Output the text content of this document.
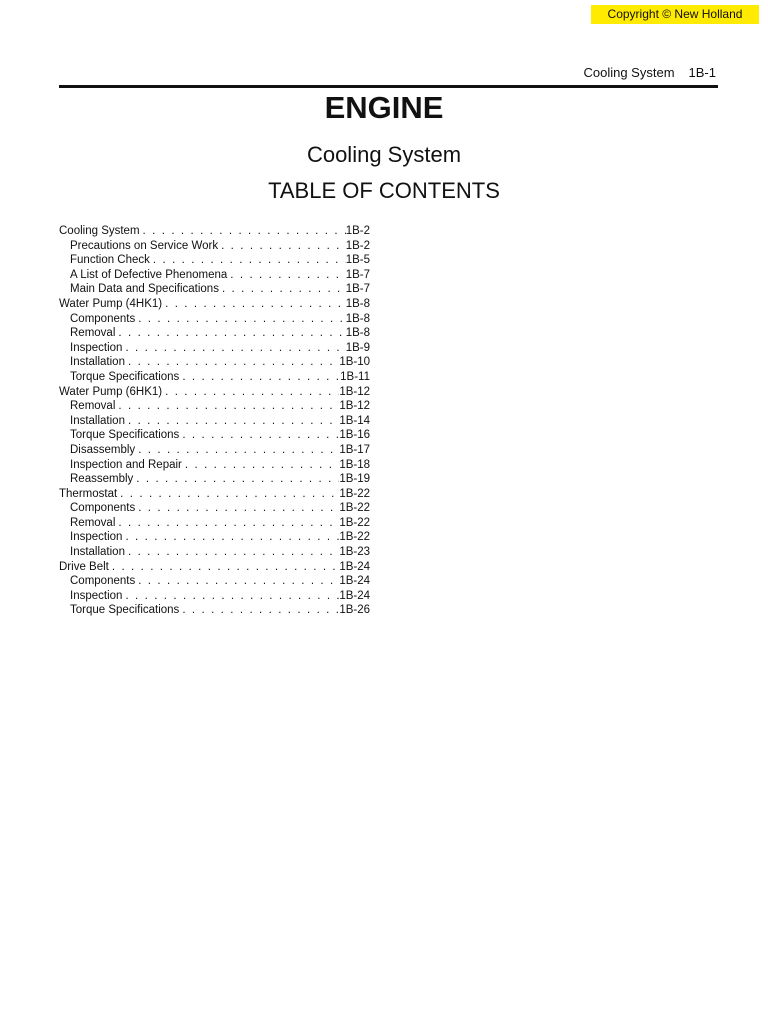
Copyright © New Holland
Cooling System 1B-1
ENGINE
Cooling System
TABLE OF CONTENTS
Cooling System . . .	1B-2
Precautions on Service Work . . .	1B-2
Function Check . . .	1B-5
A List of Defective Phenomena . . .	1B-7
Main Data and Specifications . . .	1B-7
Water Pump (4HK1) . . .	1B-8
Components . . .	1B-8
Removal . . .	1B-8
Inspection . . .	1B-9
Installation . . .	1B-10
Torque Specifications . . .	1B-11
Water Pump (6HK1) . . .	1B-12
Removal . . .	1B-12
Installation . . .	1B-14
Torque Specifications . . .	1B-16
Disassembly . . .	1B-17
Inspection and Repair . . .	1B-18
Reassembly . . .	1B-19
Thermostat . . .	1B-22
Components . . .	1B-22
Removal . . .	1B-22
Inspection . . .	1B-22
Installation . . .	1B-23
Drive Belt . . .	1B-24
Components . . .	1B-24
Inspection . . .	1B-24
Torque Specifications . . .	1B-26
